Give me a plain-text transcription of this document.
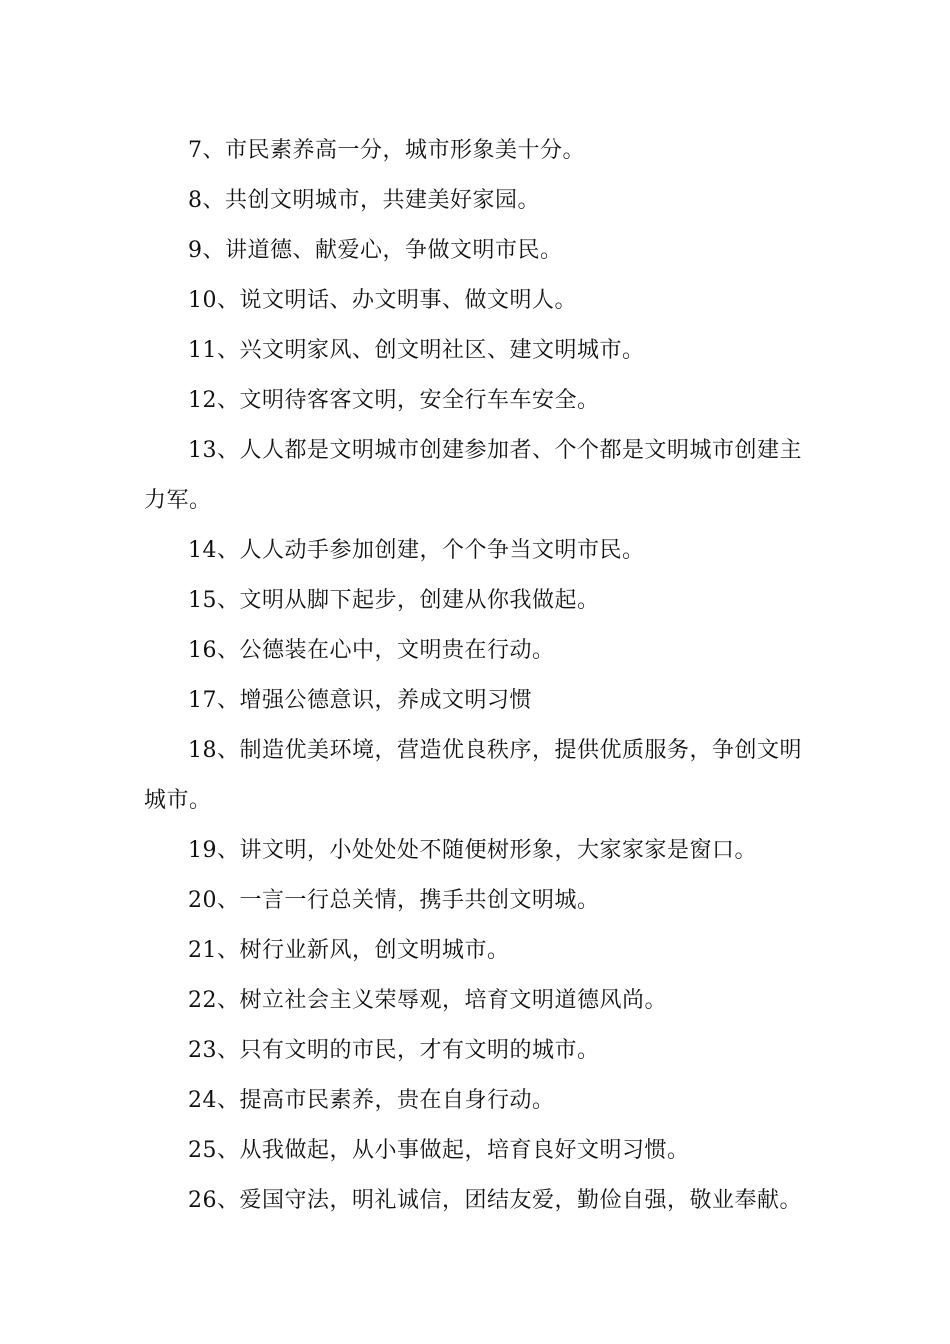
7、市民素养高一分，城市形象美十分。

8、共创文明城市，共建美好家园。

9、讲道德、献爱心，争做文明市民。

10、说文明话、办文明事、做文明人。

11、兴文明家风、创文明社区、建文明城市。

12、文明待客客文明，安全行车车安全。

13、人人都是文明城市创建参加者、个个都是文明城市创建主力军。

14、人人动手参加创建，个个争当文明市民。

15、文明从脚下起步，创建从你我做起。

16、公德装在心中，文明贵在行动。

17、增强公德意识，养成文明习惯

18、制造优美环境，营造优良秩序，提供优质服务，争创文明城市。

19、讲文明，小处处处不随便树形象，大家家家是窗口。

20、一言一行总关情，携手共创文明城。

21、树行业新风，创文明城市。

22、树立社会主义荣辱观，培育文明道德风尚。

23、只有文明的市民，才有文明的城市。

24、提高市民素养，贵在自身行动。

25、从我做起，从小事做起，培育良好文明习惯。

26、爱国守法，明礼诚信，团结友爱，勤俭自强，敬业奉献。
